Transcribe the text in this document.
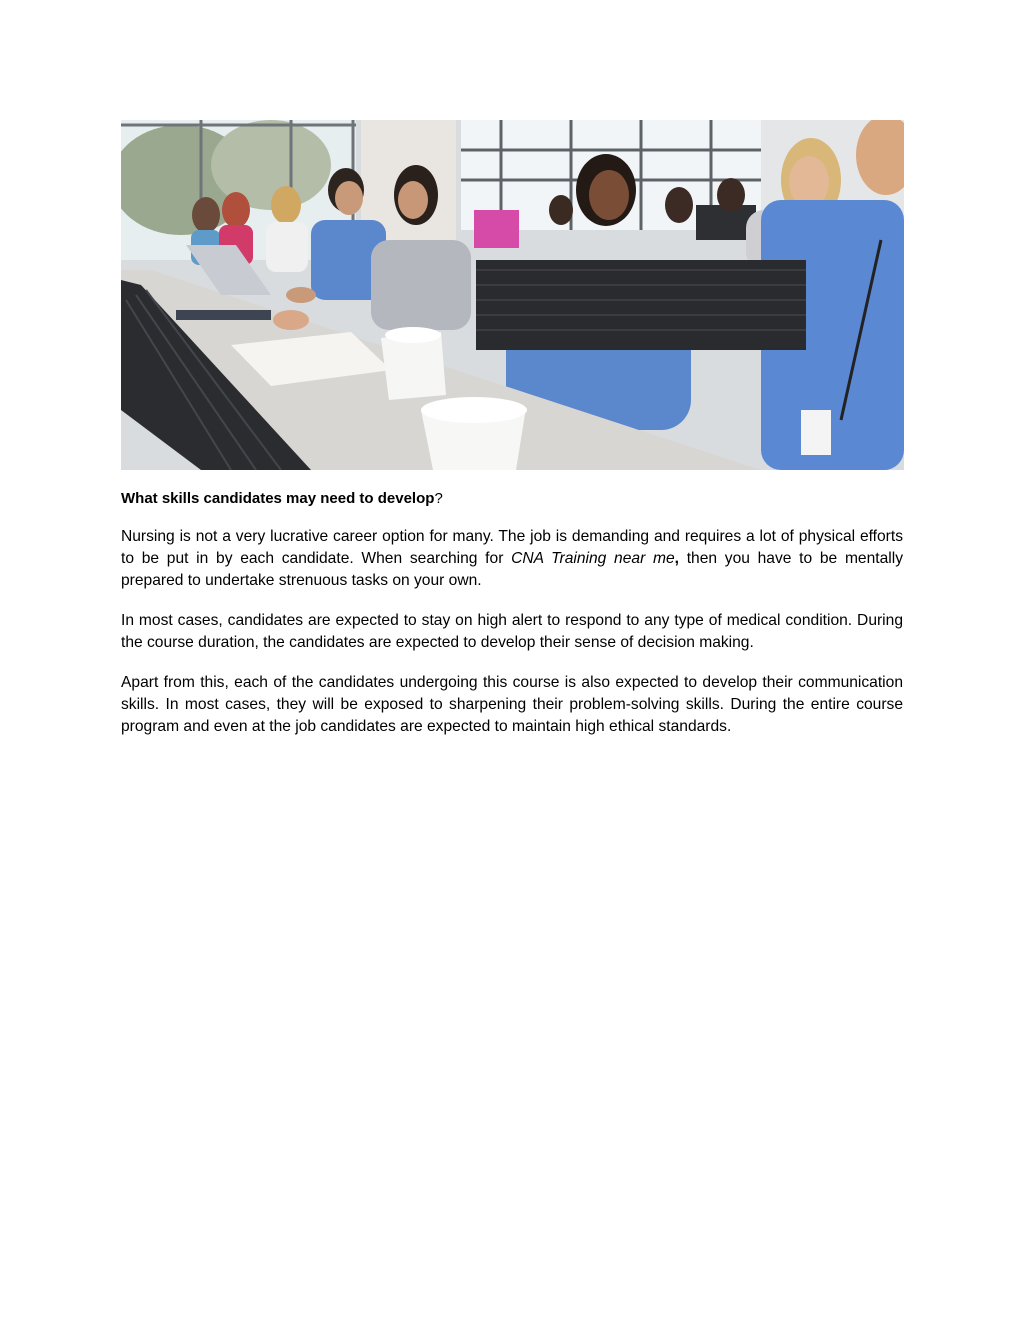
What skills candidates may need to develop?

Nursing is not a very lucrative career option for many. The job is demanding and requires a lot of physical efforts to be put in by each candidate. When searching for CNA Training near me, then you have to be mentally prepared to undertake strenuous tasks on your own.

In most cases, candidates are expected to stay on high alert to respond to any type of medical condition. During the course duration, the candidates are expected to develop their sense of decision making.

Apart from this, each of the candidates undergoing this course is also expected to develop their communication skills. In most cases, they will be exposed to sharpening their problem-solving skills. During the entire course program and even at the job candidates are expected to maintain high ethical standards.
